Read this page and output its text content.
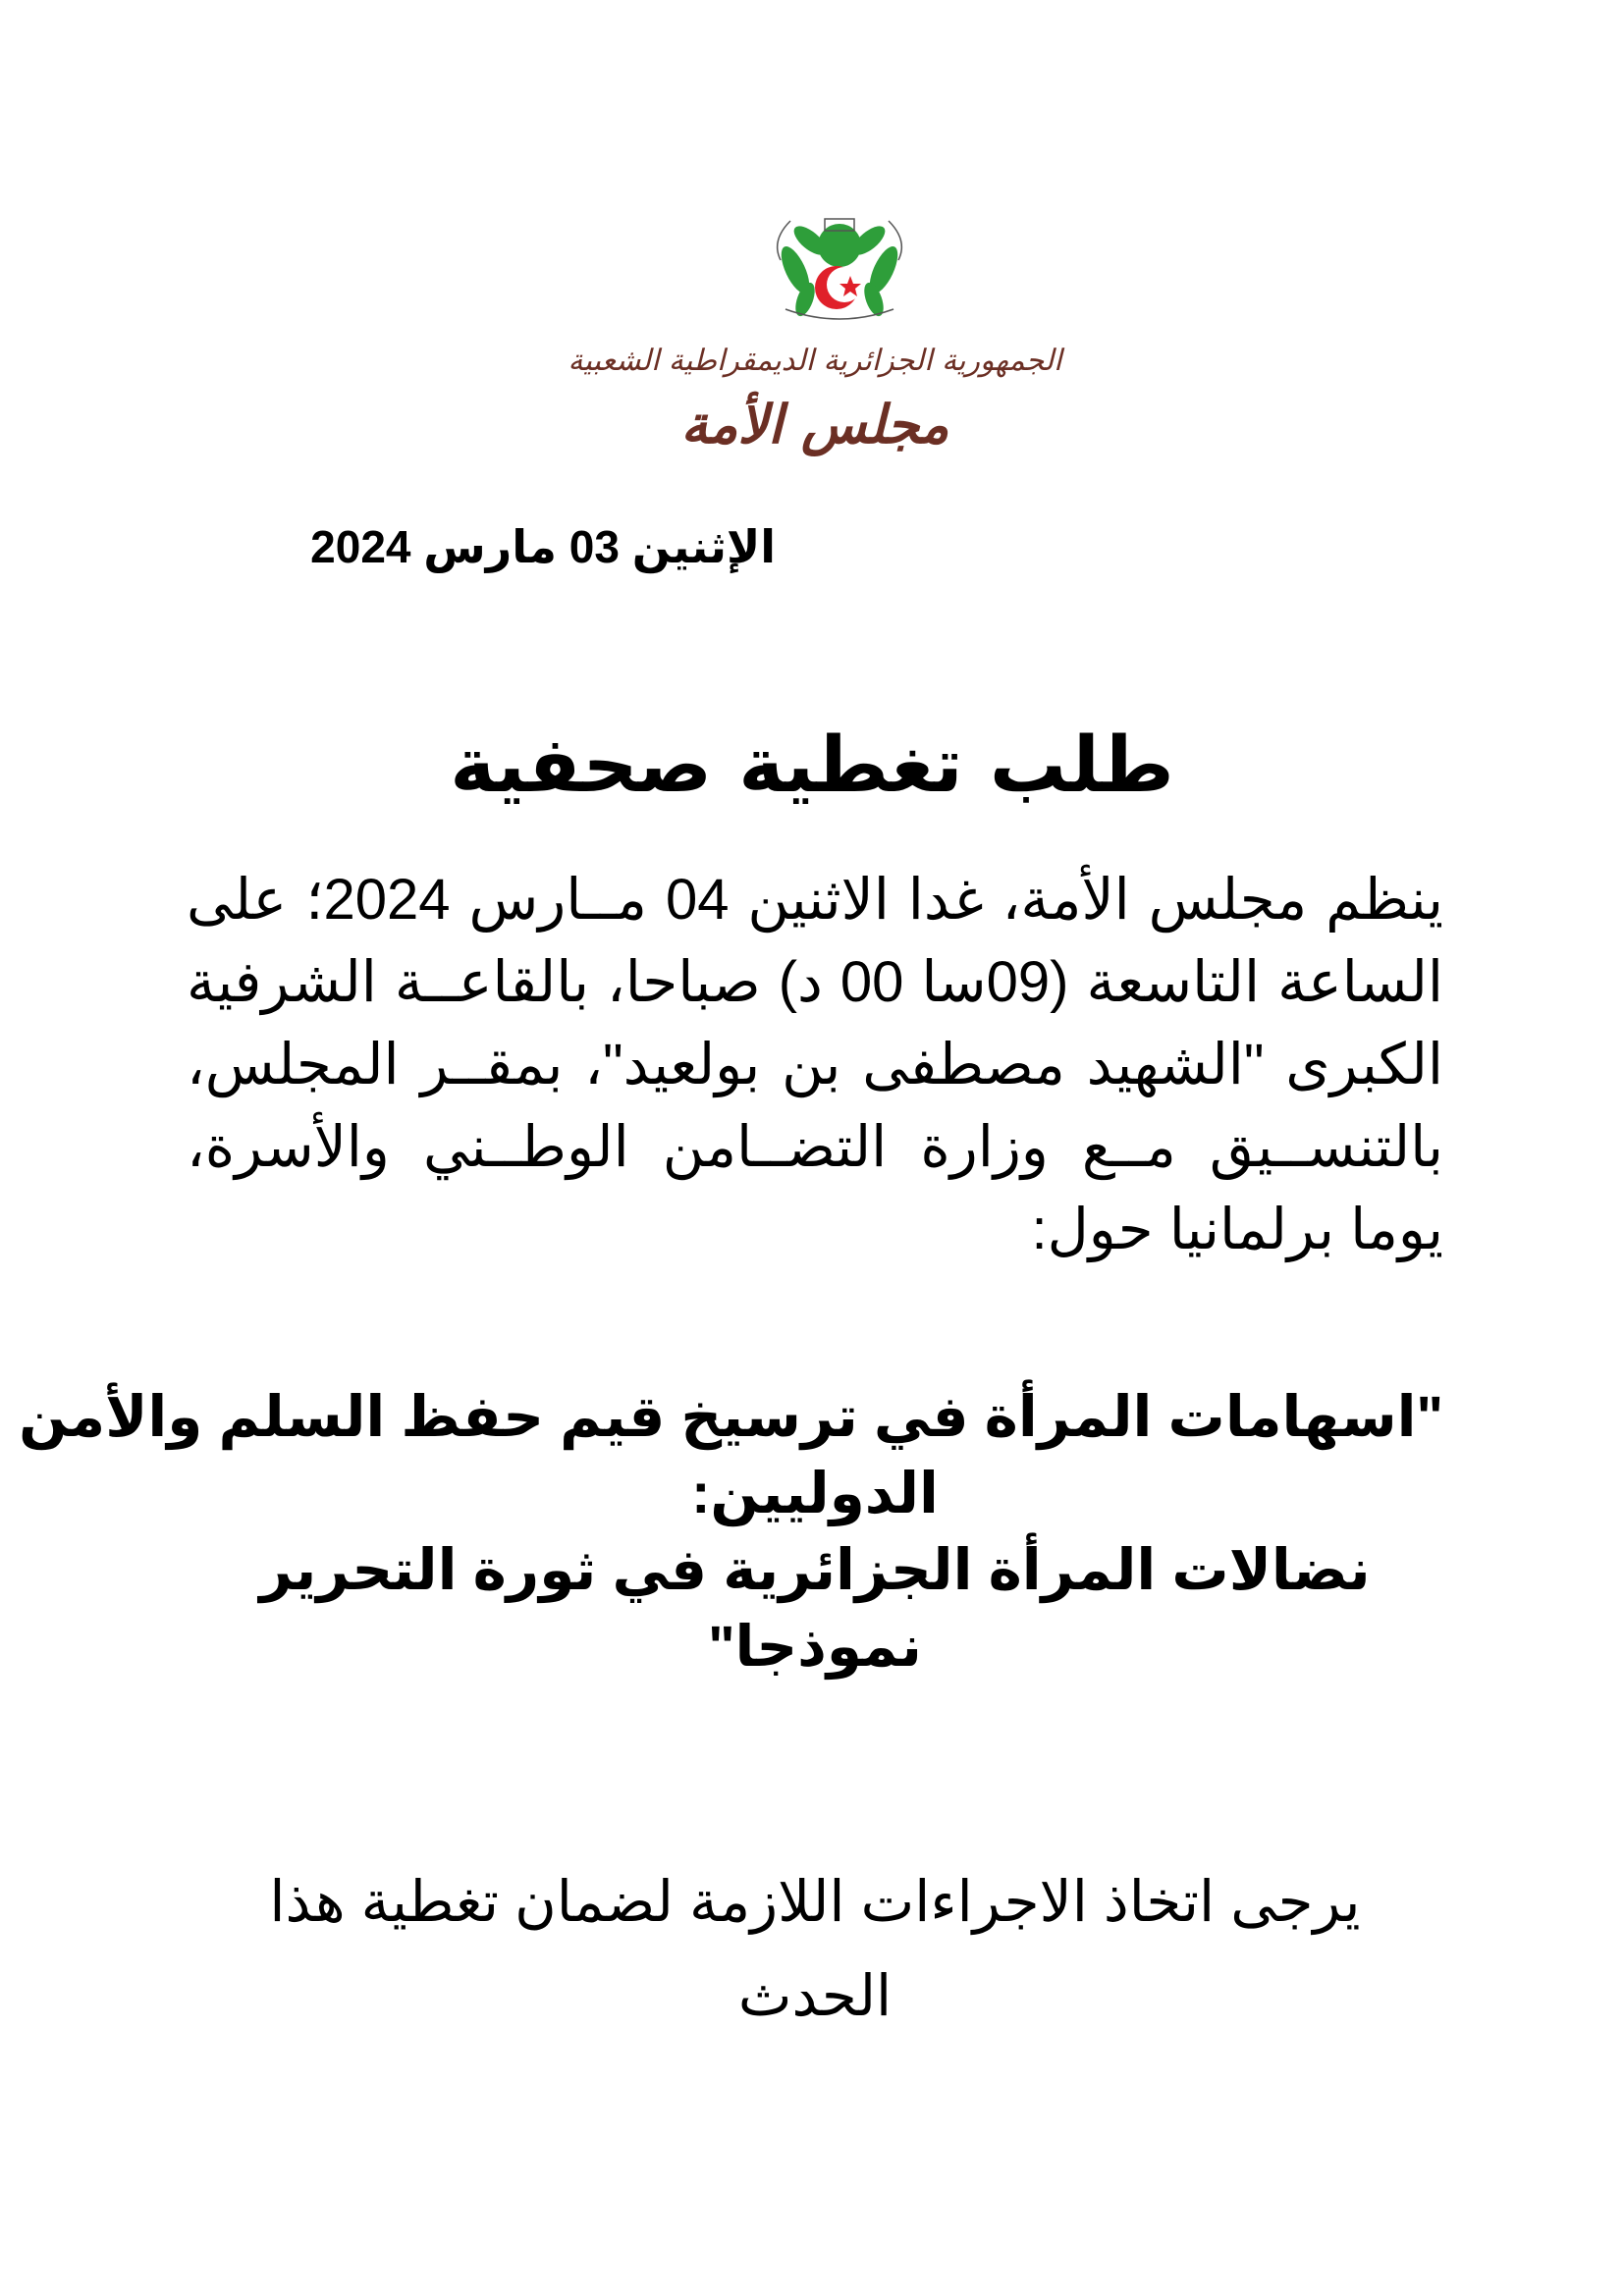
الجمهورية الجزائرية الديمقراطية الشعبية
مجلس الأمة
الإثنين 03 مارس 2024
طلب تغطية صحفية
ينظم مجلس الأمة، غدا الاثنين 04 مــارس 2024؛ على الساعة التاسعة (09سا 00 د) صباحا، بالقاعــة الشرفية الكبرى "الشهيد مصطفى بن بولعيد"، بمقــر المجلس، بالتنســيق مــع وزارة التضــامن الوطــني والأسرة، يوما برلمانيا حول:
"اسهامات المرأة في ترسيخ قيم حفظ السلم والأمن
الدوليين:
نضالات المرأة الجزائرية في ثورة التحرير
نموذجا"
يرجى اتخاذ الاجراءات اللازمة لضمان تغطية هذا الحدث
